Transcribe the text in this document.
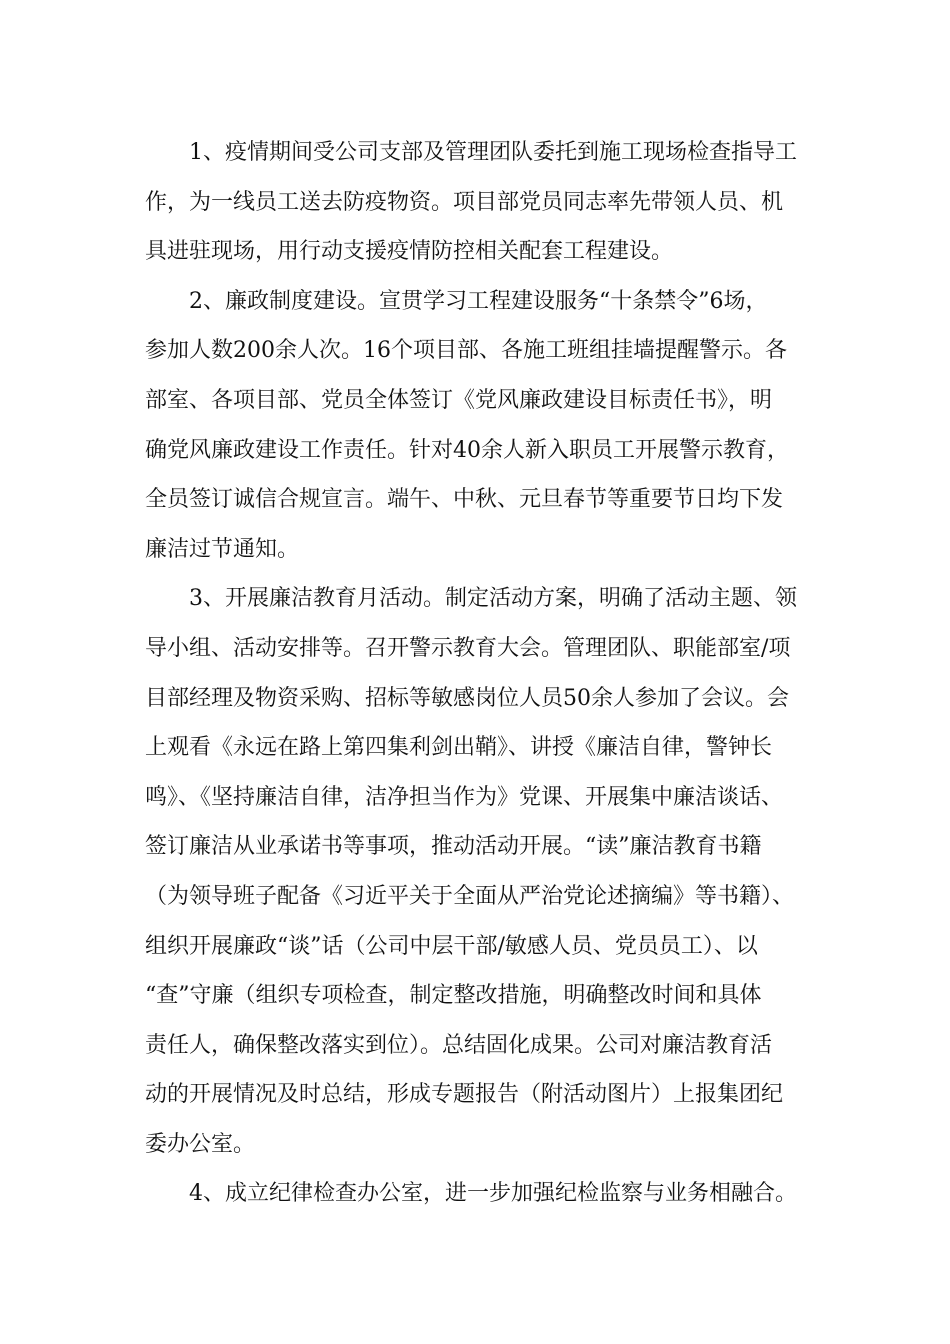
1、疫情期间受公司支部及管理团队委托到施工现场检查指导工
作，为一线员工送去防疫物资。项目部党员同志率先带领人员、机
具进驻现场，用行动支援疫情防控相关配套工程建设。

2、廉政制度建设。宣贯学习工程建设服务“十条禁令”6场，
参加人数200余人次。16个项目部、各施工班组挂墙提醒警示。各
部室、各项目部、党员全体签订《党风廉政建设目标责任书》，明
确党风廉政建设工作责任。针对40余人新入职员工开展警示教育，
全员签订诚信合规宣言。端午、中秋、元旦春节等重要节日均下发
廉洁过节通知。

3、开展廉洁教育月活动。制定活动方案，明确了活动主题、领
导小组、活动安排等。召开警示教育大会。管理团队、职能部室/项
目部经理及物资采购、招标等敏感岗位人员50余人参加了会议。会
上观看《永远在路上第四集利剑出鞘》、讲授《廉洁自律，警钟长
鸣》、《坚持廉洁自律，洁净担当作为》党课、开展集中廉洁谈话、
签订廉洁从业承诺书等事项，推动活动开展。“读”廉洁教育书籍
（为领导班子配备《习近平关于全面从严治党论述摘编》等书籍）、
组织开展廉政“谈”话（公司中层干部/敏感人员、党员员工）、以
“查”守廉（组织专项检查，制定整改措施，明确整改时间和具体
责任人，确保整改落实到位）。总结固化成果。公司对廉洁教育活
动的开展情况及时总结，形成专题报告（附活动图片）上报集团纪
委办公室。

4、成立纪律检查办公室，进一步加强纪检监察与业务相融合。
